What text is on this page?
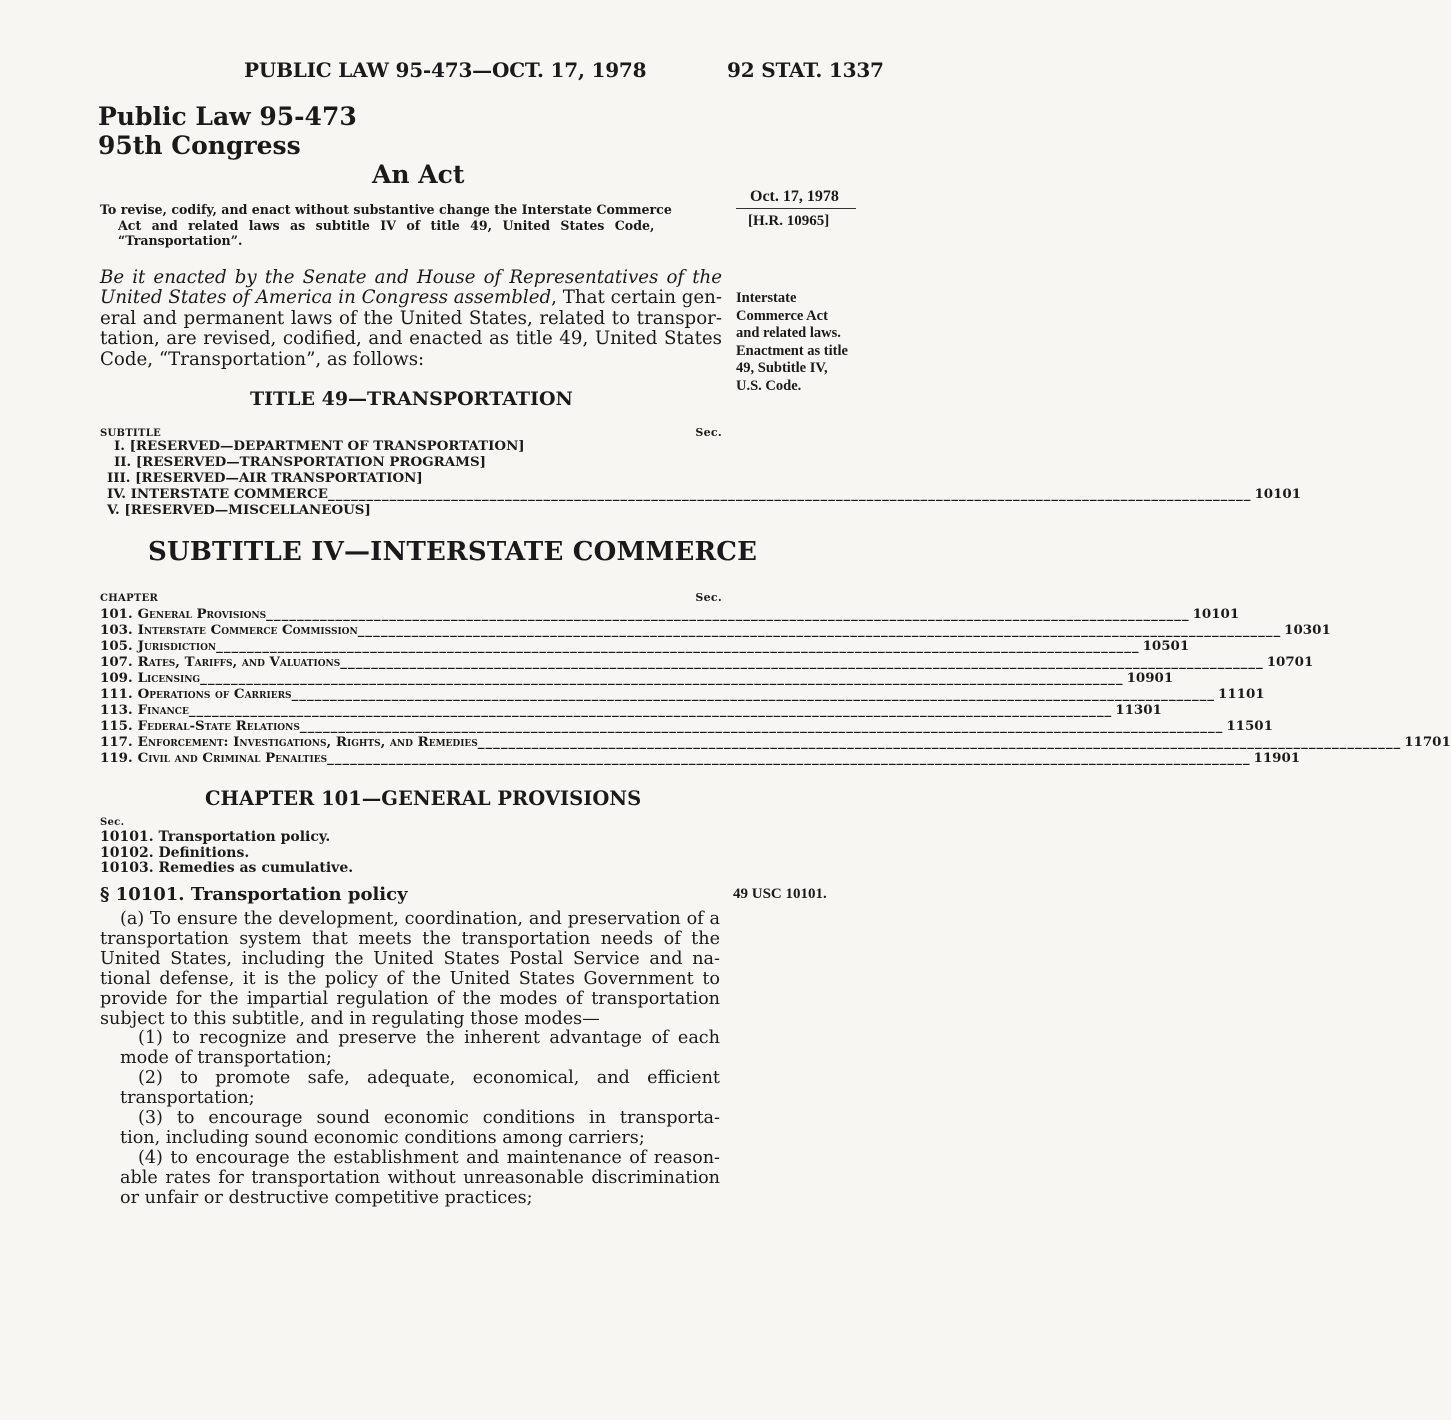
PUBLIC LAW 95-473—OCT. 17, 1978	92 STAT. 1337
Public Law 95-473
95th Congress
An Act
To revise, codify, and enact without substantive change the Interstate Commerce
Act and related laws as subtitle IV of title 49, United States Code,
“Transportation”.
Oct. 17, 1978
[H.R. 10965]
Interstate
Commerce Act
and related laws.
Enactment as title
49, Subtitle IV,
U.S. Code.
Be it enacted by the Senate and House of Representatives of the
United States of America in Congress assembled, That certain gen-
eral and permanent laws of the United States, related to transpor-
tation, are revised, codified, and enacted as title 49, United States
Code, “Transportation”, as follows:
TITLE 49—TRANSPORTATION
SUBTITLE	Sec.
I. [RESERVED—DEPARTMENT OF TRANSPORTATION]
II. [RESERVED—TRANSPORTATION PROGRAMS]
III. [RESERVED—AIR TRANSPORTATION]
IV. INTERSTATE COMMERCE ________________________________________________________________________________________________________________________ 10101
V. [RESERVED—MISCELLANEOUS]
SUBTITLE IV—INTERSTATE COMMERCE
CHAPTER	Sec.
101. General Provisions ________________________________________________________________________________________________________________________ 10101
103. Interstate Commerce Commission ________________________________________________________________________________________________________________________ 10301
105. Jurisdiction ________________________________________________________________________________________________________________________ 10501
107. Rates, Tariffs, and Valuations ________________________________________________________________________________________________________________________ 10701
109. Licensing ________________________________________________________________________________________________________________________ 10901
111. Operations of Carriers ________________________________________________________________________________________________________________________ 11101
113. Finance ________________________________________________________________________________________________________________________ 11301
115. Federal-State Relations ________________________________________________________________________________________________________________________ 11501
117. Enforcement: Investigations, Rights, and Remedies ________________________________________________________________________________________________________________________ 11701
119. Civil and Criminal Penalties ________________________________________________________________________________________________________________________ 11901
CHAPTER 101—GENERAL PROVISIONS
Sec.
10101. Transportation policy.
10102. Definitions.
10103. Remedies as cumulative.
§ 10101. Transportation policy	49 USC 10101.
(a) To ensure the development, coordination, and preservation of a
transportation system that meets the transportation needs of the
United States, including the United States Postal Service and na-
tional defense, it is the policy of the United States Government to
provide for the impartial regulation of the modes of transportation
subject to this subtitle, and in regulating those modes—
(1) to recognize and preserve the inherent advantage of each
mode of transportation;
(2) to promote safe, adequate, economical, and efficient
transportation;
(3) to encourage sound economic conditions in transporta-
tion, including sound economic conditions among carriers;
(4) to encourage the establishment and maintenance of reason-
able rates for transportation without unreasonable discrimination
or unfair or destructive competitive practices;
